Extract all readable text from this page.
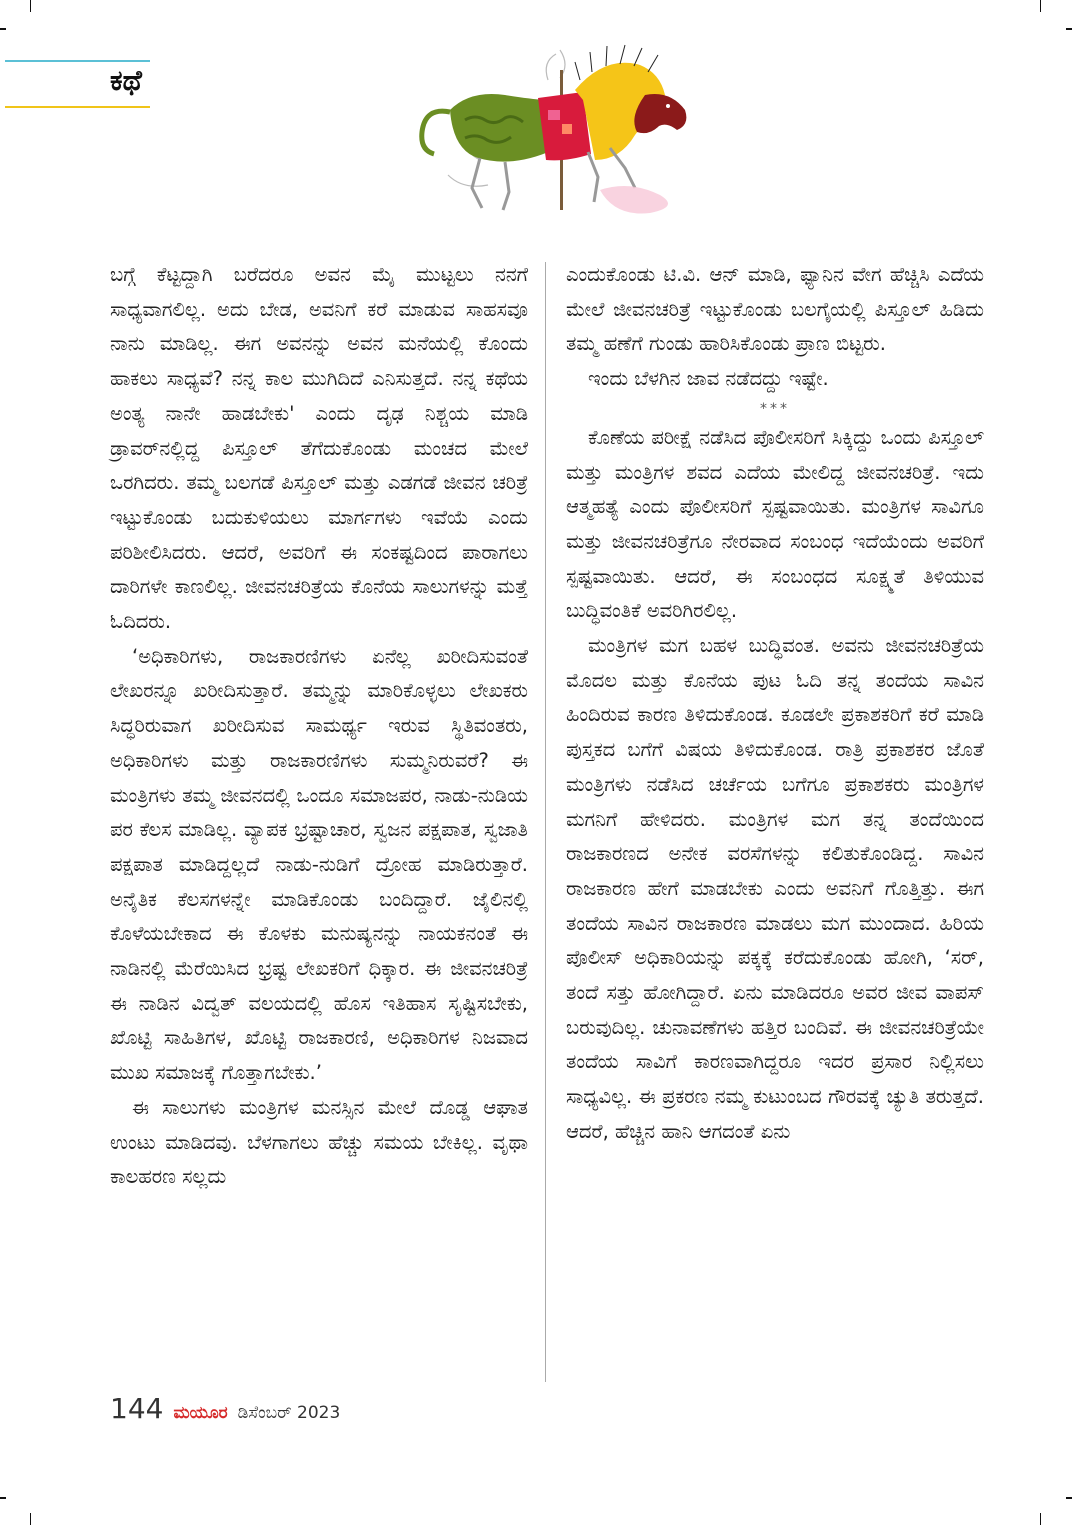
ಕಥೆ

ಬಗ್ಗೆ ಕೆಟ್ಟದ್ದಾಗಿ ಬರೆದರೂ ಅವನ ಮೈ ಮುಟ್ಟಲು ನನಗೆ ಸಾಧ್ಯವಾಗಲಿಲ್ಲ. ಅದು ಬೇಡ, ಅವನಿಗೆ ಕರೆ ಮಾಡುವ ಸಾಹಸವೂ ನಾನು ಮಾಡಿಲ್ಲ. ಈಗ ಅವನನ್ನು ಅವನ ಮನೆಯಲ್ಲಿ ಕೊಂದು ಹಾಕಲು ಸಾಧ್ಯವೆ? ನನ್ನ ಕಾಲ ಮುಗಿದಿದೆ ಎನಿಸುತ್ತದೆ. ನನ್ನ ಕಥೆಯ ಅಂತ್ಯ ನಾನೇ ಹಾಡಬೇಕು' ಎಂದು ದೃಢ ನಿಶ್ಚಯ ಮಾಡಿ ಡ್ರಾವರ್‌ನಲ್ಲಿದ್ದ ಪಿಸ್ತೂಲ್ ತೆಗೆದುಕೊಂಡು ಮಂಚದ ಮೇಲೆ ಒರಗಿದರು. ತಮ್ಮ ಬಲಗಡೆ ಪಿಸ್ತೂಲ್ ಮತ್ತು ಎಡಗಡೆ ಜೀವನ ಚರಿತ್ರೆ ಇಟ್ಟುಕೊಂಡು ಬದುಕುಳಿಯಲು ಮಾರ್ಗಗಳು ಇವೆಯೆ ಎಂದು ಪರಿಶೀಲಿಸಿದರು. ಆದರೆ, ಅವರಿಗೆ ಈ ಸಂಕಷ್ಟದಿಂದ ಪಾರಾಗಲು ದಾರಿಗಳೇ ಕಾಣಲಿಲ್ಲ. ಜೀವನಚರಿತ್ರೆಯ ಕೊನೆಯ ಸಾಲುಗಳನ್ನು ಮತ್ತೆ ಓದಿದರು.

‘ಅಧಿಕಾರಿಗಳು, ರಾಜಕಾರಣಿಗಳು ಏನೆಲ್ಲ ಖರೀದಿಸುವಂತೆ ಲೇಖರನ್ನೂ ಖರೀದಿಸುತ್ತಾರೆ. ತಮ್ಮನ್ನು ಮಾರಿಕೊಳ್ಳಲು ಲೇಖಕರು ಸಿದ್ಧರಿರುವಾಗ ಖರೀದಿಸುವ ಸಾಮರ್ಥ್ಯ ಇರುವ ಸ್ಥಿತಿವಂತರು, ಅಧಿಕಾರಿಗಳು ಮತ್ತು ರಾಜಕಾರಣಿಗಳು ಸುಮ್ಮನಿರುವರೆ? ಈ ಮಂತ್ರಿಗಳು ತಮ್ಮ ಜೀವನದಲ್ಲಿ ಒಂದೂ ಸಮಾಜಪರ, ನಾಡು-ನುಡಿಯ ಪರ ಕೆಲಸ ಮಾಡಿಲ್ಲ. ವ್ಯಾಪಕ ಭ್ರಷ್ಟಾಚಾರ, ಸ್ವಜನ ಪಕ್ಷಪಾತ, ಸ್ವಜಾತಿ ಪಕ್ಷಪಾತ ಮಾಡಿದ್ದಲ್ಲದೆ ನಾಡು-ನುಡಿಗೆ ದ್ರೋಹ ಮಾಡಿರುತ್ತಾರೆ. ಅನೈತಿಕ ಕೆಲಸಗಳನ್ನೇ ಮಾಡಿಕೊಂಡು ಬಂದಿದ್ದಾರೆ. ಜೈಲಿನಲ್ಲಿ ಕೊಳೆಯಬೇಕಾದ ಈ ಕೊಳಕು ಮನುಷ್ಯನನ್ನು ನಾಯಕನಂತೆ ಈ ನಾಡಿನಲ್ಲಿ ಮೆರೆಯಿಸಿದ ಭ್ರಷ್ಟ ಲೇಖಕರಿಗೆ ಧಿಕ್ಕಾರ. ಈ ಜೀವನಚರಿತ್ರೆ ಈ ನಾಡಿನ ವಿದ್ವತ್ ವಲಯದಲ್ಲಿ ಹೊಸ ಇತಿಹಾಸ ಸೃಷ್ಟಿಸಬೇಕು, ಖೊಟ್ಟಿ ಸಾಹಿತಿಗಳ, ಖೊಟ್ಟಿ ರಾಜಕಾರಣಿ, ಅಧಿಕಾರಿಗಳ ನಿಜವಾದ ಮುಖ ಸಮಾಜಕ್ಕೆ ಗೊತ್ತಾಗಬೇಕು.’

ಈ ಸಾಲುಗಳು ಮಂತ್ರಿಗಳ ಮನಸ್ಸಿನ ಮೇಲೆ ದೊಡ್ಡ ಆಘಾತ ಉಂಟು ಮಾಡಿದವು. ಬೆಳಗಾಗಲು ಹೆಚ್ಚು ಸಮಯ ಬೇಕಿಲ್ಲ. ವೃಥಾ ಕಾಲಹರಣ ಸಲ್ಲದು

ಎಂದುಕೊಂಡು ಟಿ.ವಿ. ಆನ್ ಮಾಡಿ, ಫ್ಯಾನಿನ ವೇಗ ಹೆಚ್ಚಿಸಿ ಎದೆಯ ಮೇಲೆ ಜೀವನಚರಿತ್ರೆ ಇಟ್ಟುಕೊಂಡು ಬಲಗೈಯಲ್ಲಿ ಪಿಸ್ತೂಲ್ ಹಿಡಿದು ತಮ್ಮ ಹಣೆಗೆ ಗುಂಡು ಹಾರಿಸಿಕೊಂಡು ಪ್ರಾಣ ಬಿಟ್ಟರು.

ಇಂದು ಬೆಳಗಿನ ಜಾವ ನಡೆದದ್ದು ಇಷ್ಟೇ.

***

ಕೊಣೆಯ ಪರೀಕ್ಷೆ ನಡೆಸಿದ ಪೊಲೀಸರಿಗೆ ಸಿಕ್ಕಿದ್ದು ಒಂದು ಪಿಸ್ತೂಲ್ ಮತ್ತು ಮಂತ್ರಿಗಳ ಶವದ ಎದೆಯ ಮೇಲಿದ್ದ ಜೀವನಚರಿತ್ರೆ. ಇದು ಆತ್ಮಹತ್ಯೆ ಎಂದು ಪೊಲೀಸರಿಗೆ ಸ್ಪಷ್ಟವಾಯಿತು. ಮಂತ್ರಿಗಳ ಸಾವಿಗೂ ಮತ್ತು ಜೀವನಚರಿತ್ರೆಗೂ ನೇರವಾದ ಸಂಬಂಧ ಇದೆಯೆಂದು ಅವರಿಗೆ ಸ್ಪಷ್ಟವಾಯಿತು. ಆದರೆ, ಈ ಸಂಬಂಧದ ಸೂಕ್ಷ್ಮತೆ ತಿಳಿಯುವ ಬುದ್ಧಿವಂತಿಕೆ ಅವರಿಗಿರಲಿಲ್ಲ.

ಮಂತ್ರಿಗಳ ಮಗ ಬಹಳ ಬುದ್ಧಿವಂತ. ಅವನು ಜೀವನಚರಿತ್ರೆಯ ಮೊದಲ ಮತ್ತು ಕೊನೆಯ ಪುಟ ಓದಿ ತನ್ನ ತಂದೆಯ ಸಾವಿನ ಹಿಂದಿರುವ ಕಾರಣ ತಿಳಿದುಕೊಂಡ. ಕೂಡಲೇ ಪ್ರಕಾಶಕರಿಗೆ ಕರೆ ಮಾಡಿ ಪುಸ್ತಕದ ಬಗೆಗೆ ವಿಷಯ ತಿಳಿದುಕೊಂಡ. ರಾತ್ರಿ ಪ್ರಕಾಶಕರ ಜೊತೆ ಮಂತ್ರಿಗಳು ನಡೆಸಿದ ಚರ್ಚೆಯ ಬಗೆಗೂ ಪ್ರಕಾಶಕರು ಮಂತ್ರಿಗಳ ಮಗನಿಗೆ ಹೇಳಿದರು. ಮಂತ್ರಿಗಳ ಮಗ ತನ್ನ ತಂದೆಯಿಂದ ರಾಜಕಾರಣದ ಅನೇಕ ವರಸೆಗಳನ್ನು ಕಲಿತುಕೊಂಡಿದ್ದ. ಸಾವಿನ ರಾಜಕಾರಣ ಹೇಗೆ ಮಾಡಬೇಕು ಎಂದು ಅವನಿಗೆ ಗೊತ್ತಿತ್ತು. ಈಗ ತಂದೆಯ ಸಾವಿನ ರಾಜಕಾರಣ ಮಾಡಲು ಮಗ ಮುಂದಾದ. ಹಿರಿಯ ಪೊಲೀಸ್ ಅಧಿಕಾರಿಯನ್ನು ಪಕ್ಕಕ್ಕೆ ಕರೆದುಕೊಂಡು ಹೋಗಿ, ‘ಸರ್, ತಂದೆ ಸತ್ತು ಹೋಗಿದ್ದಾರೆ. ಏನು ಮಾಡಿದರೂ ಅವರ ಜೀವ ವಾಪಸ್ ಬರುವುದಿಲ್ಲ. ಚುನಾವಣೆಗಳು ಹತ್ತಿರ ಬಂದಿವೆ. ಈ ಜೀವನಚರಿತ್ರೆಯೇ ತಂದೆಯ ಸಾವಿಗೆ ಕಾರಣವಾಗಿದ್ದರೂ ಇದರ ಪ್ರಸಾರ ನಿಲ್ಲಿಸಲು ಸಾಧ್ಯವಿಲ್ಲ. ಈ ಪ್ರಕರಣ ನಮ್ಮ ಕುಟುಂಬದ ಗೌರವಕ್ಕೆ ಚ್ಯುತಿ ತರುತ್ತದೆ. ಆದರೆ, ಹೆಚ್ಚಿನ ಹಾನಿ ಆಗದಂತೆ ಏನು

144 ಮಯೂರ ಡಿಸೆಂಬರ್ 2023
